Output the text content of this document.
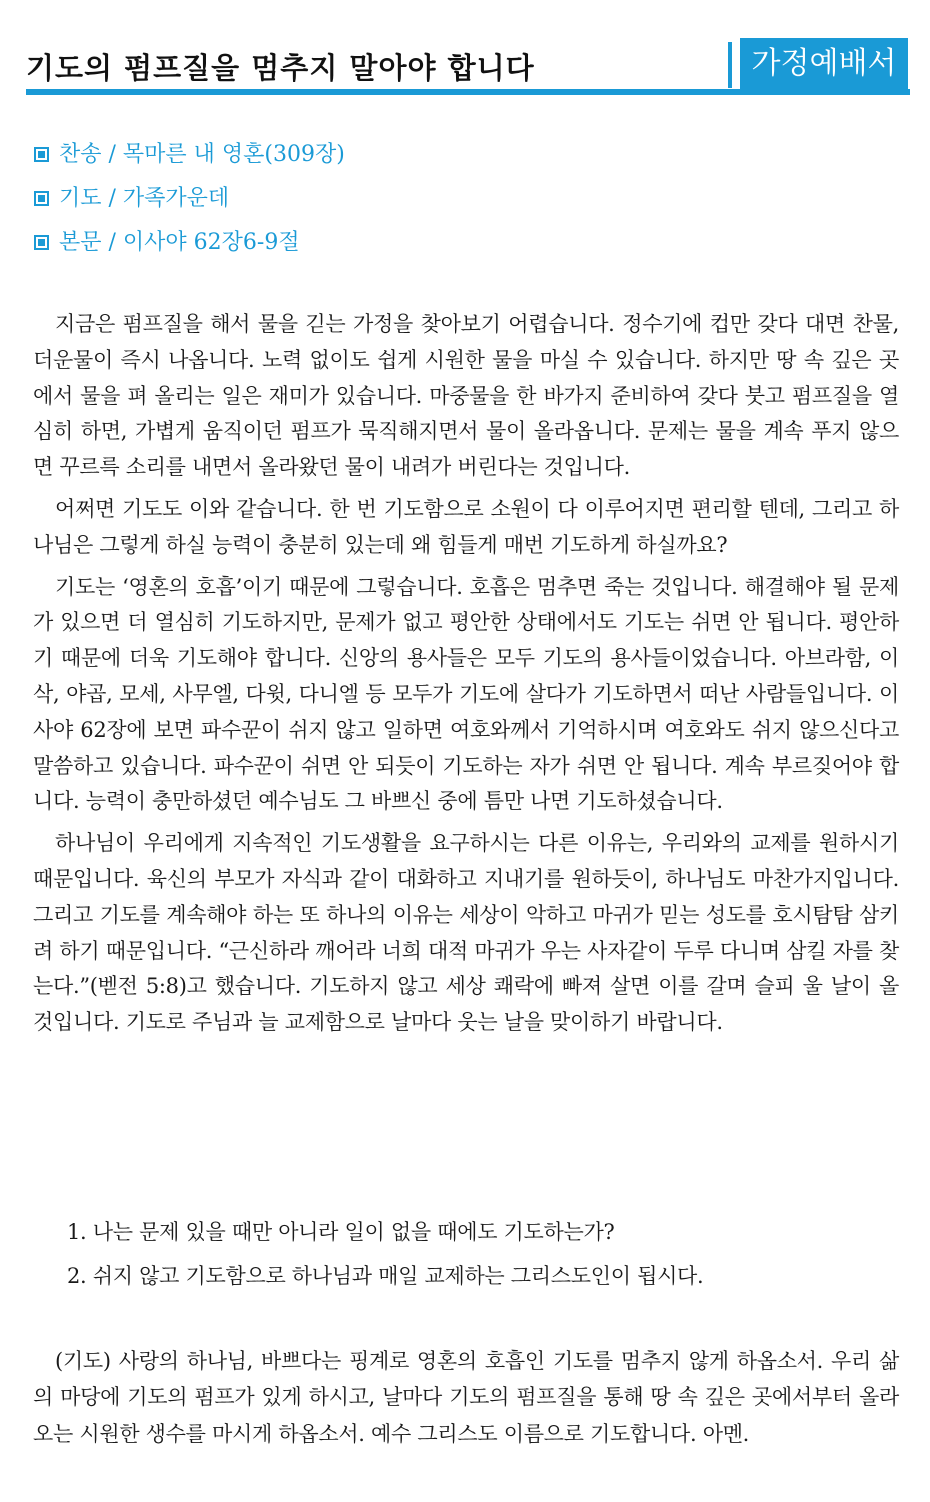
기도의 펌프질을 멈추지 말아야 합니다	가정예배서
찬송 / 목마른 내 영혼(309장)
기도 / 가족가운데
본문 / 이사야 62장6-9절

지금은 펌프질을 해서 물을 긷는 가정을 찾아보기 어렵습니다. 정수기에 컵만 갖다 대면 찬물, 더운물이 즉시 나옵니다. 노력 없이도 쉽게 시원한 물을 마실 수 있습니다. 하지만 땅 속 깊은 곳에서 물을 펴 올리는 일은 재미가 있습니다. 마중물을 한 바가지 준비하여 갖다 붓고 펌프질을 열심히 하면, 가볍게 움직이던 펌프가 묵직해지면서 물이 올라옵니다. 문제는 물을 계속 푸지 않으면 꾸르륵 소리를 내면서 올라왔던 물이 내려가 버린다는 것입니다.

어쩌면 기도도 이와 같습니다. 한 번 기도함으로 소원이 다 이루어지면 편리할 텐데, 그리고 하나님은 그렇게 하실 능력이 충분히 있는데 왜 힘들게 매번 기도하게 하실까요?

기도는 ‘영혼의 호흡’이기 때문에 그렇습니다. 호흡은 멈추면 죽는 것입니다. 해결해야 될 문제가 있으면 더 열심히 기도하지만, 문제가 없고 평안한 상태에서도 기도는 쉬면 안 됩니다. 평안하기 때문에 더욱 기도해야 합니다. 신앙의 용사들은 모두 기도의 용사들이었습니다. 아브라함, 이삭, 야곱, 모세, 사무엘, 다윗, 다니엘 등 모두가 기도에 살다가 기도하면서 떠난 사람들입니다. 이사야 62장에 보면 파수꾼이 쉬지 않고 일하면 여호와께서 기억하시며 여호와도 쉬지 않으신다고 말씀하고 있습니다. 파수꾼이 쉬면 안 되듯이 기도하는 자가 쉬면 안 됩니다. 계속 부르짖어야 합니다. 능력이 충만하셨던 예수님도 그 바쁘신 중에 틈만 나면 기도하셨습니다.

하나님이 우리에게 지속적인 기도생활을 요구하시는 다른 이유는, 우리와의 교제를 원하시기 때문입니다. 육신의 부모가 자식과 같이 대화하고 지내기를 원하듯이, 하나님도 마찬가지입니다. 그리고 기도를 계속해야 하는 또 하나의 이유는 세상이 악하고 마귀가 믿는 성도를 호시탐탐 삼키려 하기 때문입니다. “근신하라 깨어라 너희 대적 마귀가 우는 사자같이 두루 다니며 삼킬 자를 찾는다.”(벧전 5:8)고 했습니다. 기도하지 않고 세상 쾌락에 빠져 살면 이를 갈며 슬피 울 날이 올 것입니다. 기도로 주님과 늘 교제함으로 날마다 웃는 날을 맞이하기 바랍니다.

1. 나는 문제 있을 때만 아니라 일이 없을 때에도 기도하는가?
2. 쉬지 않고 기도함으로 하나님과 매일 교제하는 그리스도인이 됩시다.

(기도) 사랑의 하나님, 바쁘다는 핑계로 영혼의 호흡인 기도를 멈추지 않게 하옵소서. 우리 삶의 마당에 기도의 펌프가 있게 하시고, 날마다 기도의 펌프질을 통해 땅 속 깊은 곳에서부터 올라오는 시원한 생수를 마시게 하옵소서. 예수 그리스도 이름으로 기도합니다. 아멘.
